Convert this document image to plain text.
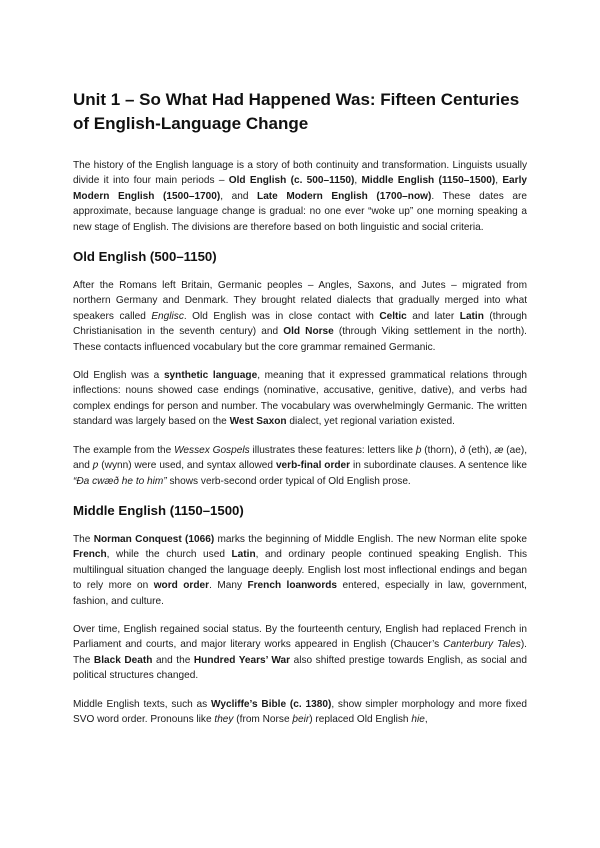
Unit 1 – So What Had Happened Was: Fifteen Centuries of English-Language Change

The history of the English language is a story of both continuity and transformation. Linguists usually divide it into four main periods – Old English (c. 500–1150), Middle English (1150–1500), Early Modern English (1500–1700), and Late Modern English (1700–now). These dates are approximate, because language change is gradual: no one ever “woke up” one morning speaking a new stage of English. The divisions are therefore based on both linguistic and social criteria.

Old English (500–1150)

After the Romans left Britain, Germanic peoples – Angles, Saxons, and Jutes – migrated from northern Germany and Denmark. They brought related dialects that gradually merged into what speakers called Englisc. Old English was in close contact with Celtic and later Latin (through Christianisation in the seventh century) and Old Norse (through Viking settlement in the north). These contacts influenced vocabulary but the core grammar remained Germanic.

Old English was a synthetic language, meaning that it expressed grammatical relations through inflections: nouns showed case endings (nominative, accusative, genitive, dative), and verbs had complex endings for person and number. The vocabulary was overwhelmingly Germanic. The written standard was largely based on the West Saxon dialect, yet regional variation existed.

The example from the Wessex Gospels illustrates these features: letters like þ (thorn), ð (eth), æ (ae), and ƿ (wynn) were used, and syntax allowed verb-final order in subordinate clauses. A sentence like “Ða cwæð he to him” shows verb-second order typical of Old English prose.

Middle English (1150–1500)

The Norman Conquest (1066) marks the beginning of Middle English. The new Norman elite spoke French, while the church used Latin, and ordinary people continued speaking English. This multilingual situation changed the language deeply. English lost most inflectional endings and began to rely more on word order. Many French loanwords entered, especially in law, government, fashion, and culture.

Over time, English regained social status. By the fourteenth century, English had replaced French in Parliament and courts, and major literary works appeared in English (Chaucer’s Canterbury Tales). The Black Death and the Hundred Years’ War also shifted prestige towards English, as social and political structures changed.

Middle English texts, such as Wycliffe’s Bible (c. 1380), show simpler morphology and more fixed SVO word order. Pronouns like they (from Norse þeir) replaced Old English hie,
